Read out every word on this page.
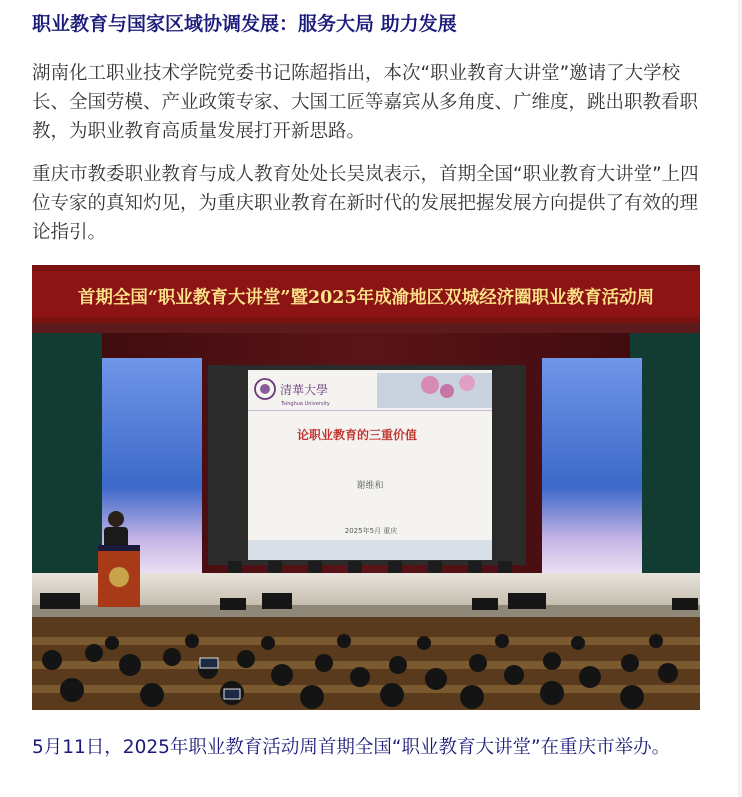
职业教育与国家区域协调发展：服务大局 助力发展

湖南化工职业技术学院党委书记陈超指出，本次“职业教育大讲堂”邀请了大学校长、全国劳模、产业政策专家、大国工匠等嘉宾从多角度、广维度，跳出职教看职教，为职业教育高质量发展打开新思路。

重庆市教委职业教育与成人教育处处长吴岚表示，首期全国“职业教育大讲堂”上四位专家的真知灼见，为重庆职业教育在新时代的发展把握发展方向提供了有效的理论指引。

首期全国“职业教育大讲堂”暨2025年成渝地区双城经济圈职业教育活动周
清華大學
Tsinghua University
论职业教育的三重价值
谢维和
2025年5月 重庆

5月11日，2025年职业教育活动周首期全国“职业教育大讲堂”在重庆市举办。
